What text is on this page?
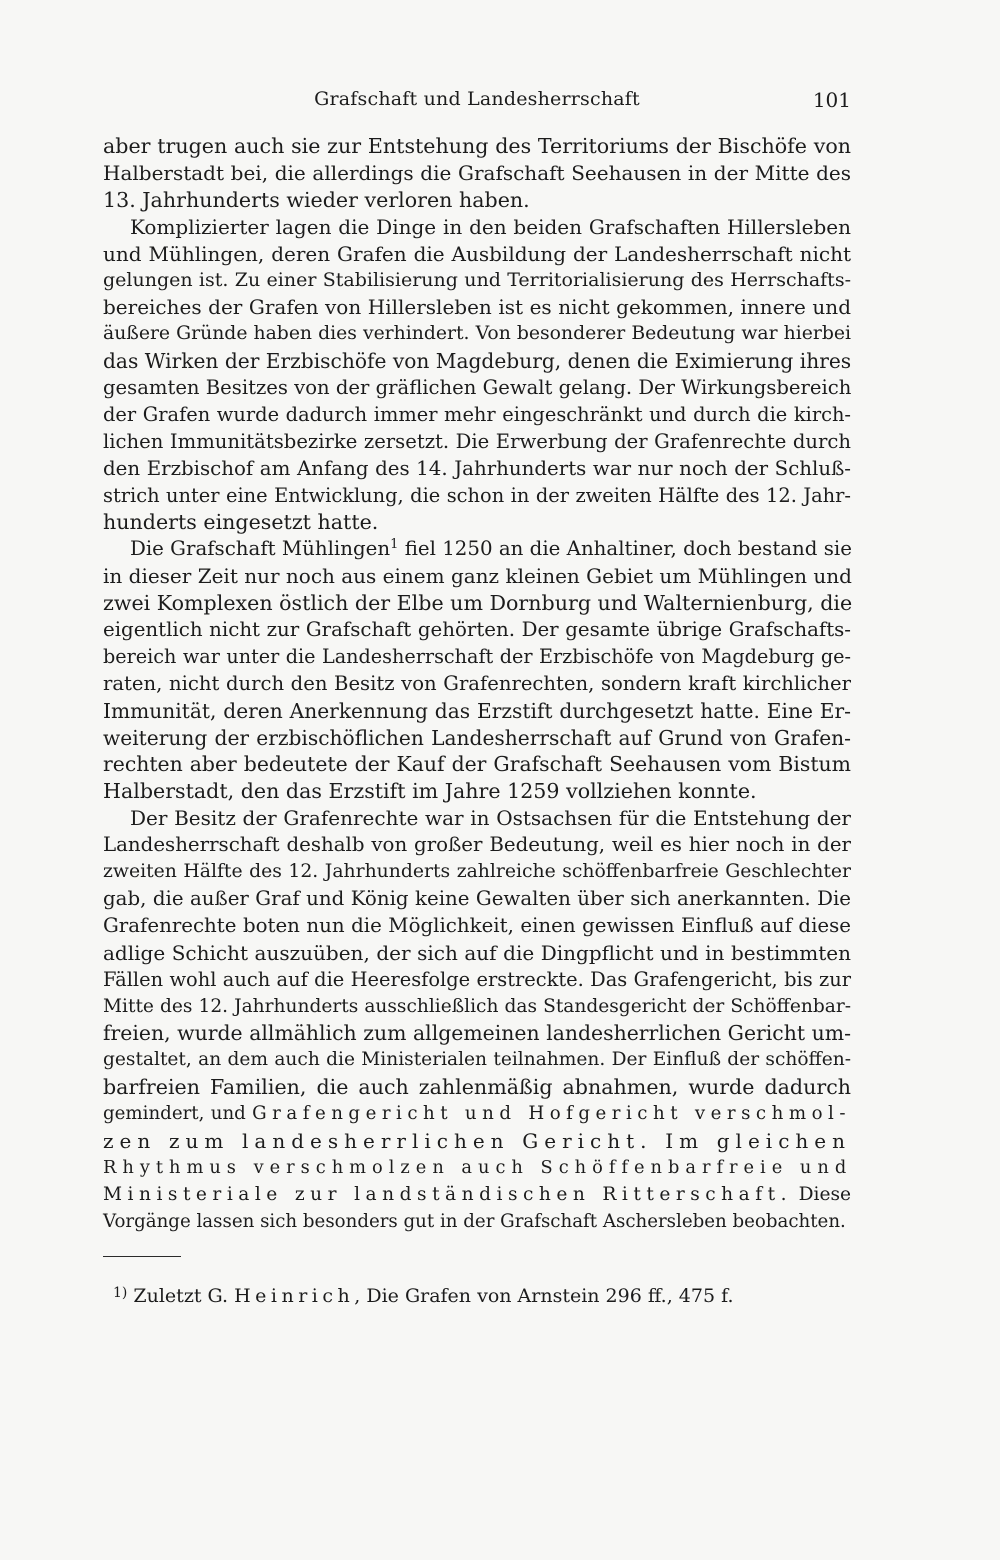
Grafschaft und Landesherrschaft	101
aber trugen auch sie zur Entstehung des Territoriums der Bischöfe von
Halberstadt bei, die allerdings die Grafschaft Seehausen in der Mitte des
13. Jahrhunderts wieder verloren haben.
Komplizierter lagen die Dinge in den beiden Grafschaften Hillersleben
und Mühlingen, deren Grafen die Ausbildung der Landesherrschaft nicht
gelungen ist. Zu einer Stabilisierung und Territorialisierung des Herrschafts-
bereiches der Grafen von Hillersleben ist es nicht gekommen, innere und
äußere Gründe haben dies verhindert. Von besonderer Bedeutung war hierbei
das Wirken der Erzbischöfe von Magdeburg, denen die Eximierung ihres
gesamten Besitzes von der gräflichen Gewalt gelang. Der Wirkungsbereich
der Grafen wurde dadurch immer mehr eingeschränkt und durch die kirch-
lichen Immunitätsbezirke zersetzt. Die Erwerbung der Grafenrechte durch
den Erzbischof am Anfang des 14. Jahrhunderts war nur noch der Schluß-
strich unter eine Entwicklung, die schon in der zweiten Hälfte des 12. Jahr-
hunderts eingesetzt hatte.
Die Grafschaft Mühlingen$^1$ fiel 1250 an die Anhaltiner, doch bestand sie
in dieser Zeit nur noch aus einem ganz kleinen Gebiet um Mühlingen und
zwei Komplexen östlich der Elbe um Dornburg und Walternienburg, die
eigentlich nicht zur Grafschaft gehörten. Der gesamte übrige Grafschafts-
bereich war unter die Landesherrschaft der Erzbischöfe von Magdeburg ge-
raten, nicht durch den Besitz von Grafenrechten, sondern kraft kirchlicher
Immunität, deren Anerkennung das Erzstift durchgesetzt hatte. Eine Er-
weiterung der erzbischöflichen Landesherrschaft auf Grund von Grafen-
rechten aber bedeutete der Kauf der Grafschaft Seehausen vom Bistum
Halberstadt, den das Erzstift im Jahre 1259 vollziehen konnte.
Der Besitz der Grafenrechte war in Ostsachsen für die Entstehung der
Landesherrschaft deshalb von großer Bedeutung, weil es hier noch in der
zweiten Hälfte des 12. Jahrhunderts zahlreiche schöffenbarfreie Geschlechter
gab, die außer Graf und König keine Gewalten über sich anerkannten. Die
Grafenrechte boten nun die Möglichkeit, einen gewissen Einfluß auf diese
adlige Schicht auszuüben, der sich auf die Dingpflicht und in bestimmten
Fällen wohl auch auf die Heeresfolge erstreckte. Das Grafengericht, bis zur
Mitte des 12. Jahrhunderts ausschließlich das Standesgericht der Schöffenbar-
freien, wurde allmählich zum allgemeinen landesherrlichen Gericht um-
gestaltet, an dem auch die Ministerialen teilnahmen. Der Einfluß der schöffen-
barfreien Familien, die auch zahlenmäßig abnahmen, wurde dadurch
gemindert, und Grafengericht und Hofgericht verschmol-
zen zum landesherrlichen Gericht. Im gleichen
Rhythmus verschmolzen auch Schöffenbarfreie und
Ministeriale zur landständischen Ritterschaft. Diese
Vorgänge lassen sich besonders gut in der Grafschaft Aschersleben beobachten.
$^{1)}$ Zuletzt G. Heinrich, Die Grafen von Arnstein 296 ff., 475 f.
